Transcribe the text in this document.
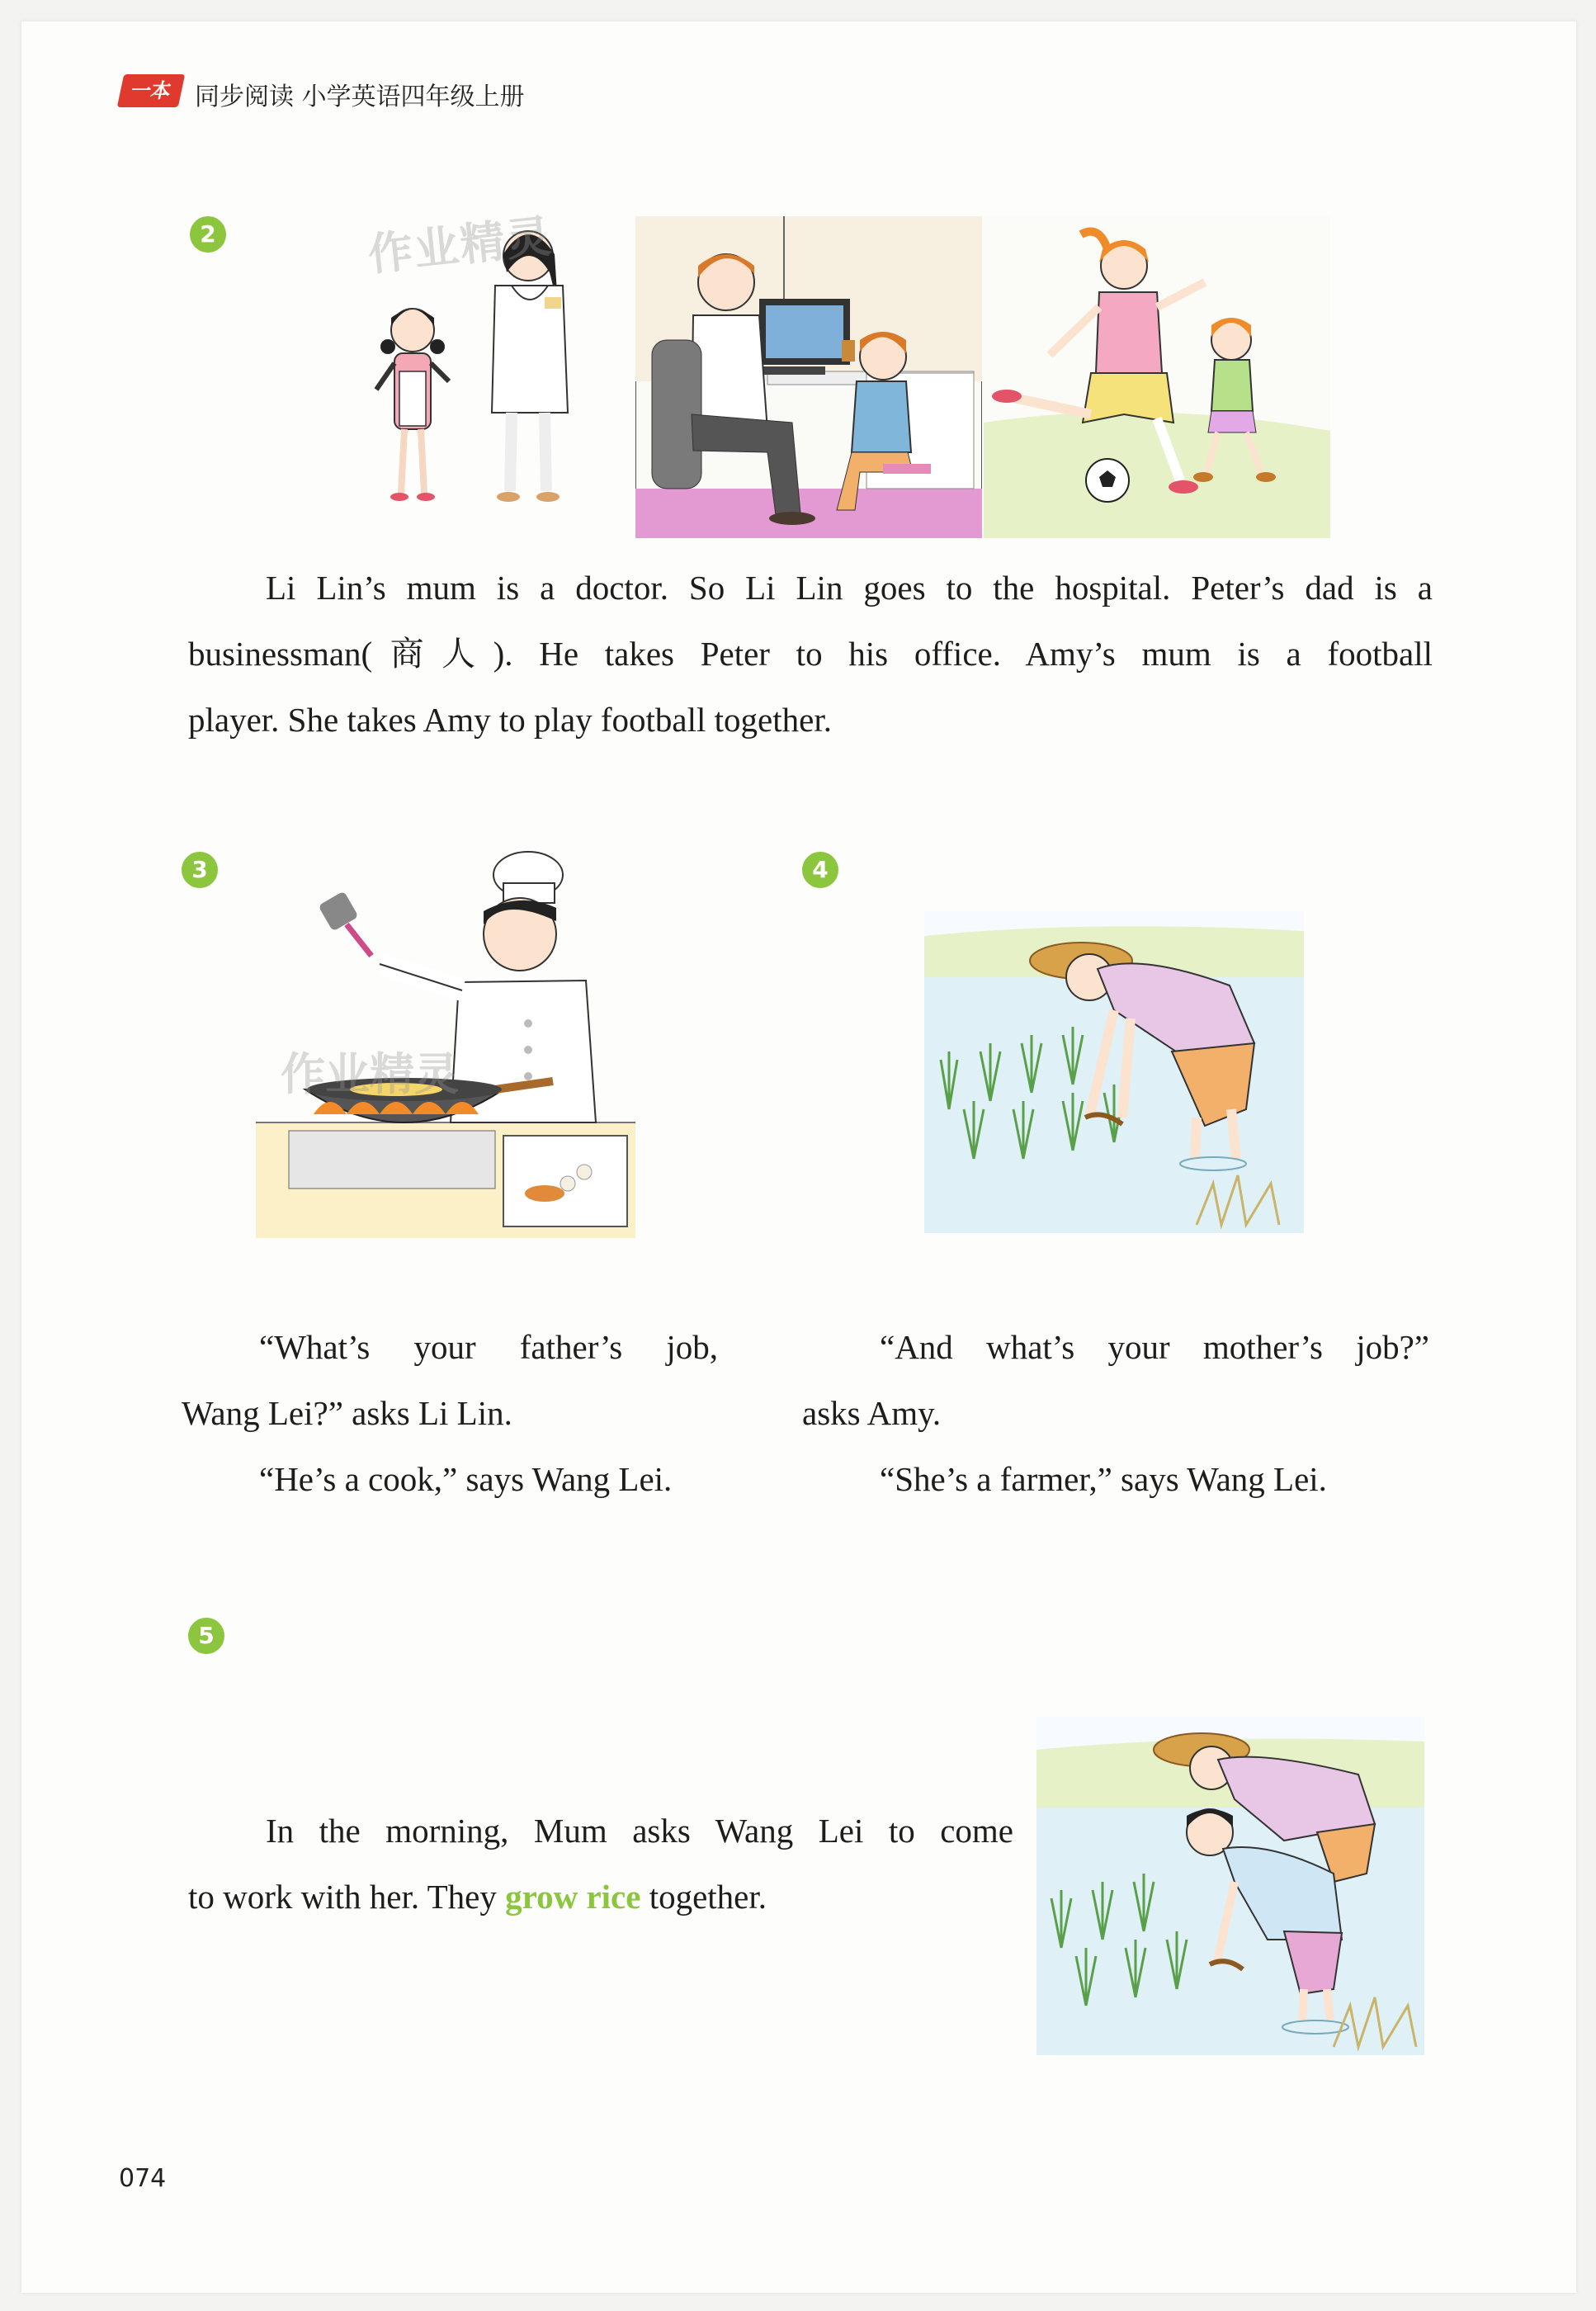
一本 同步阅读 小学英语四年级上册
2	作业精灵
Li Lin’s mum is a doctor. So Li Lin goes to the hospital. Peter’s dad is a
businessman(商人). He takes Peter to his office. Amy’s mum is a football
player. She takes Amy to play football together.
3
作业精灵
“What’s your father’s job,
Wang Lei?” asks Li Lin.
“He’s a cook,” says Wang Lei.
4
“And what’s your mother’s job?”
asks Amy.
“She’s a farmer,” says Wang Lei.
5
In the morning, Mum asks Wang Lei to come
to work with her. They grow rice together.
074
